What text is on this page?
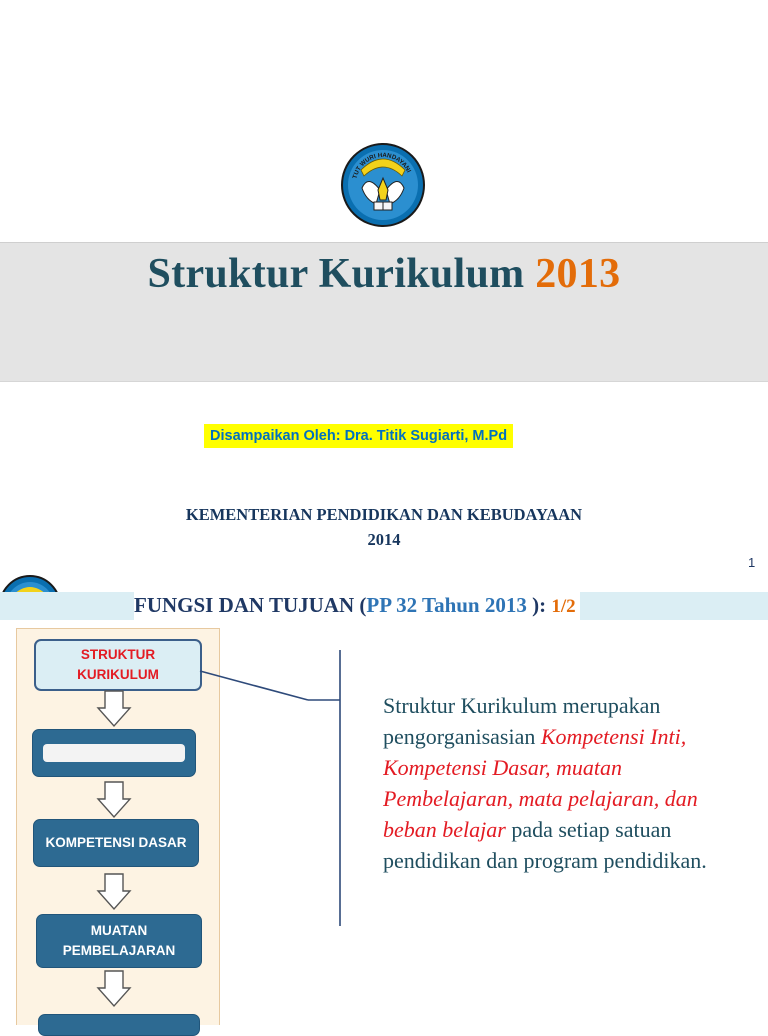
TUT WURI HANDAYANI
Struktur Kurikulum 2013
Disampaikan Oleh: Dra. Titik Sugiarti, M.Pd
KEMENTERIAN PENDIDIKAN DAN KEBUDAYAAN
2014
1
FUNGSI DAN TUJUAN (PP 32 Tahun 2013 ): 1/2
STRUKTUR KURIKULUM
KOMPETENSI INTI
KOMPETENSI DASAR
MUATAN PEMBELAJARAN
Struktur Kurikulum merupakan pengorganisasian Kompetensi Inti, Kompetensi Dasar, muatan Pembelajaran, mata pelajaran, dan beban belajar pada setiap satuan pendidikan dan program pendidikan.
